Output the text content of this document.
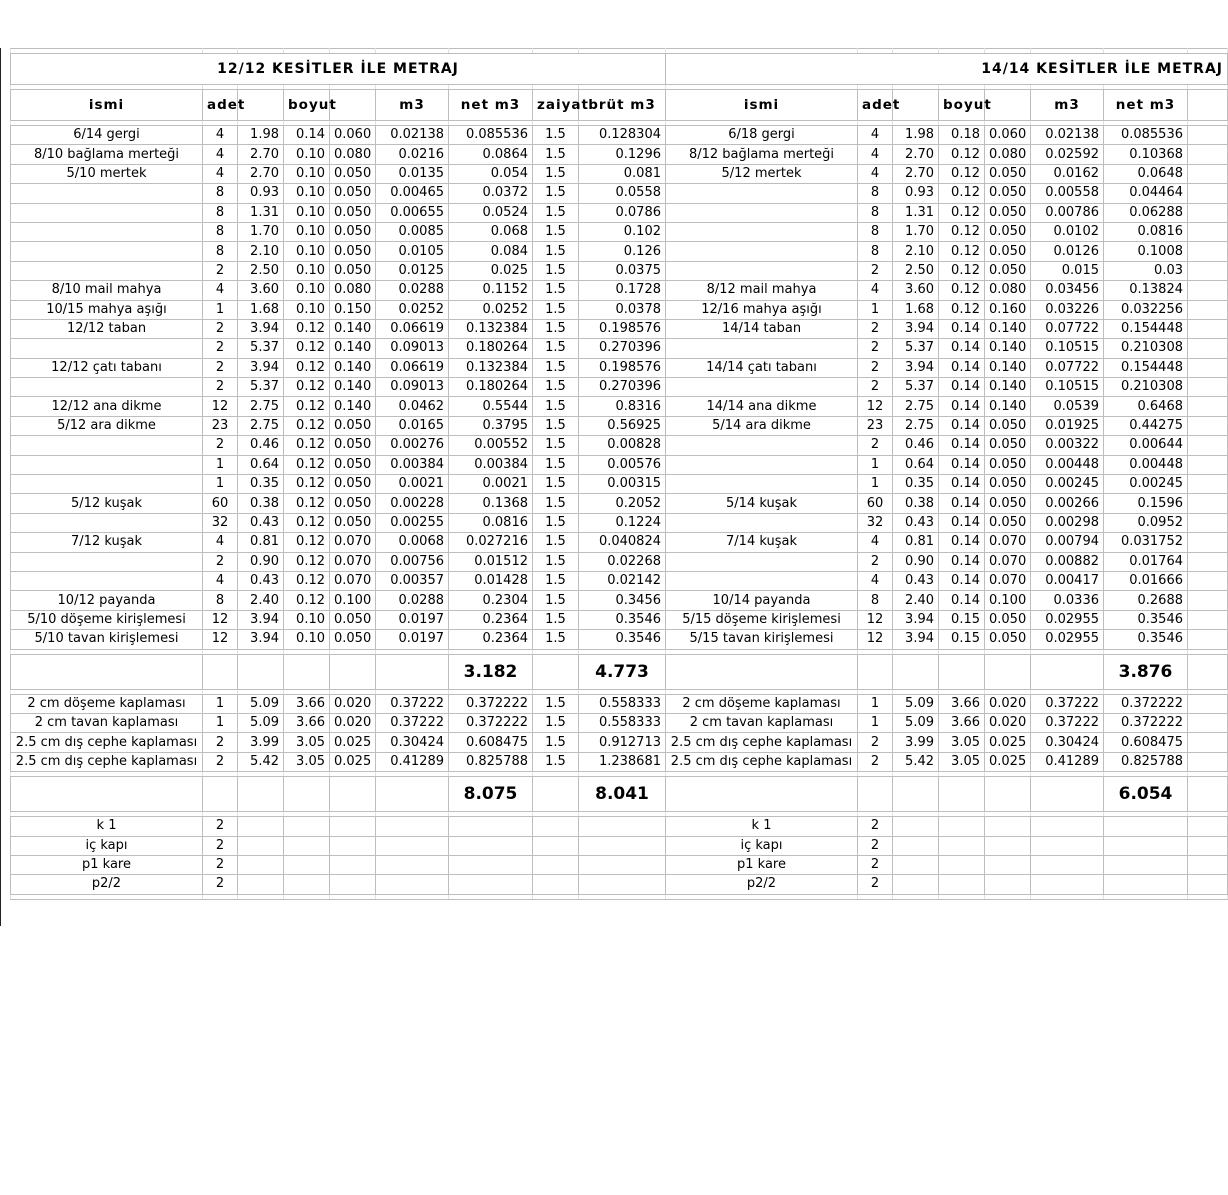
12/12 KESİTLER İLE METRAJ									14/14 KESİTLER İLE METRAJ							

ismi	adet		boyut		m3	net m3	zaiyat	brüt m3	ismi	adet		boyut		m3	net m3	

6/14 gergi	4	1.98	0.14	0.060	0.02138	0.085536	1.5	0.128304	6/18 gergi	4	1.98	0.18	0.060	0.02138	0.085536	
8/10 bağlama merteği	4	2.70	0.10	0.080	0.0216	0.0864	1.5	0.1296	8/12 bağlama merteği	4	2.70	0.12	0.080	0.02592	0.10368	
5/10 mertek	4	2.70	0.10	0.050	0.0135	0.054	1.5	0.081	5/12 mertek	4	2.70	0.12	0.050	0.0162	0.0648	
	8	0.93	0.10	0.050	0.00465	0.0372	1.5	0.0558		8	0.93	0.12	0.050	0.00558	0.04464	
	8	1.31	0.10	0.050	0.00655	0.0524	1.5	0.0786		8	1.31	0.12	0.050	0.00786	0.06288	
	8	1.70	0.10	0.050	0.0085	0.068	1.5	0.102		8	1.70	0.12	0.050	0.0102	0.0816	
	8	2.10	0.10	0.050	0.0105	0.084	1.5	0.126		8	2.10	0.12	0.050	0.0126	0.1008	
	2	2.50	0.10	0.050	0.0125	0.025	1.5	0.0375		2	2.50	0.12	0.050	0.015	0.03	
8/10 mail mahya	4	3.60	0.10	0.080	0.0288	0.1152	1.5	0.1728	8/12 mail mahya	4	3.60	0.12	0.080	0.03456	0.13824	
10/15 mahya aşığı	1	1.68	0.10	0.150	0.0252	0.0252	1.5	0.0378	12/16 mahya aşığı	1	1.68	0.12	0.160	0.03226	0.032256	
12/12 taban	2	3.94	0.12	0.140	0.06619	0.132384	1.5	0.198576	14/14 taban	2	3.94	0.14	0.140	0.07722	0.154448	
	2	5.37	0.12	0.140	0.09013	0.180264	1.5	0.270396		2	5.37	0.14	0.140	0.10515	0.210308	
12/12 çatı tabanı	2	3.94	0.12	0.140	0.06619	0.132384	1.5	0.198576	14/14 çatı tabanı	2	3.94	0.14	0.140	0.07722	0.154448	
	2	5.37	0.12	0.140	0.09013	0.180264	1.5	0.270396		2	5.37	0.14	0.140	0.10515	0.210308	
12/12 ana dikme	12	2.75	0.12	0.140	0.0462	0.5544	1.5	0.8316	14/14 ana dikme	12	2.75	0.14	0.140	0.0539	0.6468	
5/12 ara dikme	23	2.75	0.12	0.050	0.0165	0.3795	1.5	0.56925	5/14 ara dikme	23	2.75	0.14	0.050	0.01925	0.44275	
	2	0.46	0.12	0.050	0.00276	0.00552	1.5	0.00828		2	0.46	0.14	0.050	0.00322	0.00644	
	1	0.64	0.12	0.050	0.00384	0.00384	1.5	0.00576		1	0.64	0.14	0.050	0.00448	0.00448	
	1	0.35	0.12	0.050	0.0021	0.0021	1.5	0.00315		1	0.35	0.14	0.050	0.00245	0.00245	
5/12 kuşak	60	0.38	0.12	0.050	0.00228	0.1368	1.5	0.2052	5/14 kuşak	60	0.38	0.14	0.050	0.00266	0.1596	
	32	0.43	0.12	0.050	0.00255	0.0816	1.5	0.1224		32	0.43	0.14	0.050	0.00298	0.0952	
7/12 kuşak	4	0.81	0.12	0.070	0.0068	0.027216	1.5	0.040824	7/14 kuşak	4	0.81	0.14	0.070	0.00794	0.031752	
	2	0.90	0.12	0.070	0.00756	0.01512	1.5	0.02268		2	0.90	0.14	0.070	0.00882	0.01764	
	4	0.43	0.12	0.070	0.00357	0.01428	1.5	0.02142		4	0.43	0.14	0.070	0.00417	0.01666	
10/12 payanda	8	2.40	0.12	0.100	0.0288	0.2304	1.5	0.3456	10/14 payanda	8	2.40	0.14	0.100	0.0336	0.2688	
5/10 döşeme kirişlemesi	12	3.94	0.10	0.050	0.0197	0.2364	1.5	0.3546	5/15 döşeme kirişlemesi	12	3.94	0.15	0.050	0.02955	0.3546	
5/10 tavan kirişlemesi	12	3.94	0.10	0.050	0.0197	0.2364	1.5	0.3546	5/15 tavan kirişlemesi	12	3.94	0.15	0.050	0.02955	0.3546	

						3.182		4.773							3.876	

2 cm döşeme kaplaması	1	5.09	3.66	0.020	0.37222	0.372222	1.5	0.558333	2 cm döşeme kaplaması	1	5.09	3.66	0.020	0.37222	0.372222	
2 cm tavan kaplaması	1	5.09	3.66	0.020	0.37222	0.372222	1.5	0.558333	2 cm tavan kaplaması	1	5.09	3.66	0.020	0.37222	0.372222	
2.5 cm dış cephe kaplaması	2	3.99	3.05	0.025	0.30424	0.608475	1.5	0.912713	2.5 cm dış cephe kaplaması	2	3.99	3.05	0.025	0.30424	0.608475	
2.5 cm dış cephe kaplaması	2	5.42	3.05	0.025	0.41289	0.825788	1.5	1.238681	2.5 cm dış cephe kaplaması	2	5.42	3.05	0.025	0.41289	0.825788	

						8.075		8.041							6.054	

k 1	2								k 1	2						
iç kapı	2								iç kapı	2						
p1 kare	2								p1 kare	2						
p2/2	2								p2/2	2						
